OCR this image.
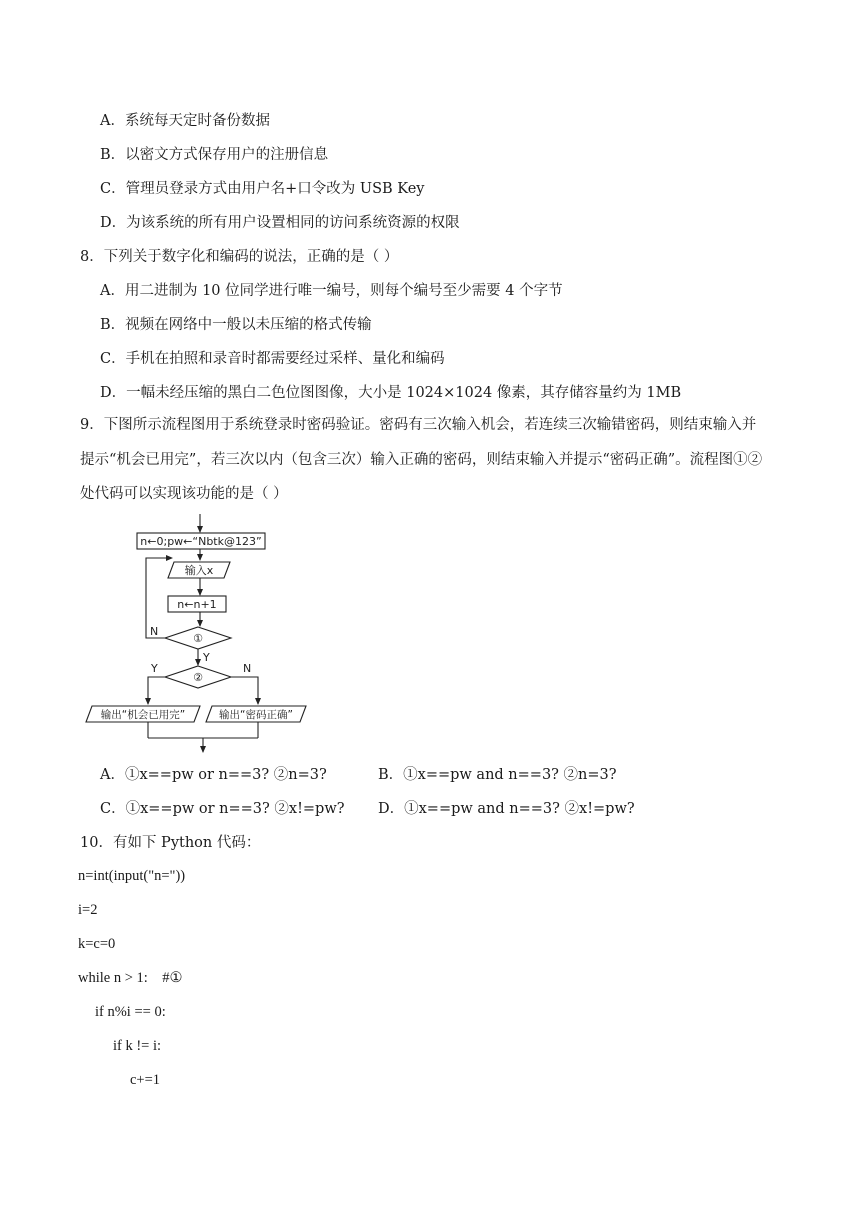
A．系统每天定时备份数据
B．以密文方式保存用户的注册信息
C．管理员登录方式由用户名+口令改为 USB Key
D．为该系统的所有用户设置相同的访问系统资源的权限
8．下列关于数字化和编码的说法，正确的是（ ）
A．用二进制为 10 位同学进行唯一编号，则每个编号至少需要 4 个字节
B．视频在网络中一般以未压缩的格式传输
C．手机在拍照和录音时都需要经过采样、量化和编码
D．一幅未经压缩的黑白二色位图图像，大小是 1024×1024 像素，其存储容量约为 1MB
9．下图所示流程图用于系统登录时密码验证。密码有三次输入机会，若连续三次输错密码，则结束输入并
提示“机会已用完”，若三次以内（包含三次）输入正确的密码，则结束输入并提示“密码正确”。流程图①②
处代码可以实现该功能的是（ ）
n←0;pw←“Nbtk@123”
输入x
n←n+1
①
②
N
Y
Y	N
输出“机会已用完”	输出“密码正确”
A．①x==pw or n==3? ②n=3?	B．①x==pw and n==3? ②n=3?
C．①x==pw or n==3? ②x!=pw? D．①x==pw and n==3? ②x!=pw?
10．有如下 Python 代码：
n=int(input("n="))
i=2
k=c=0
while n > 1:    #①
if n%i == 0:
if k != i:
c+=1
